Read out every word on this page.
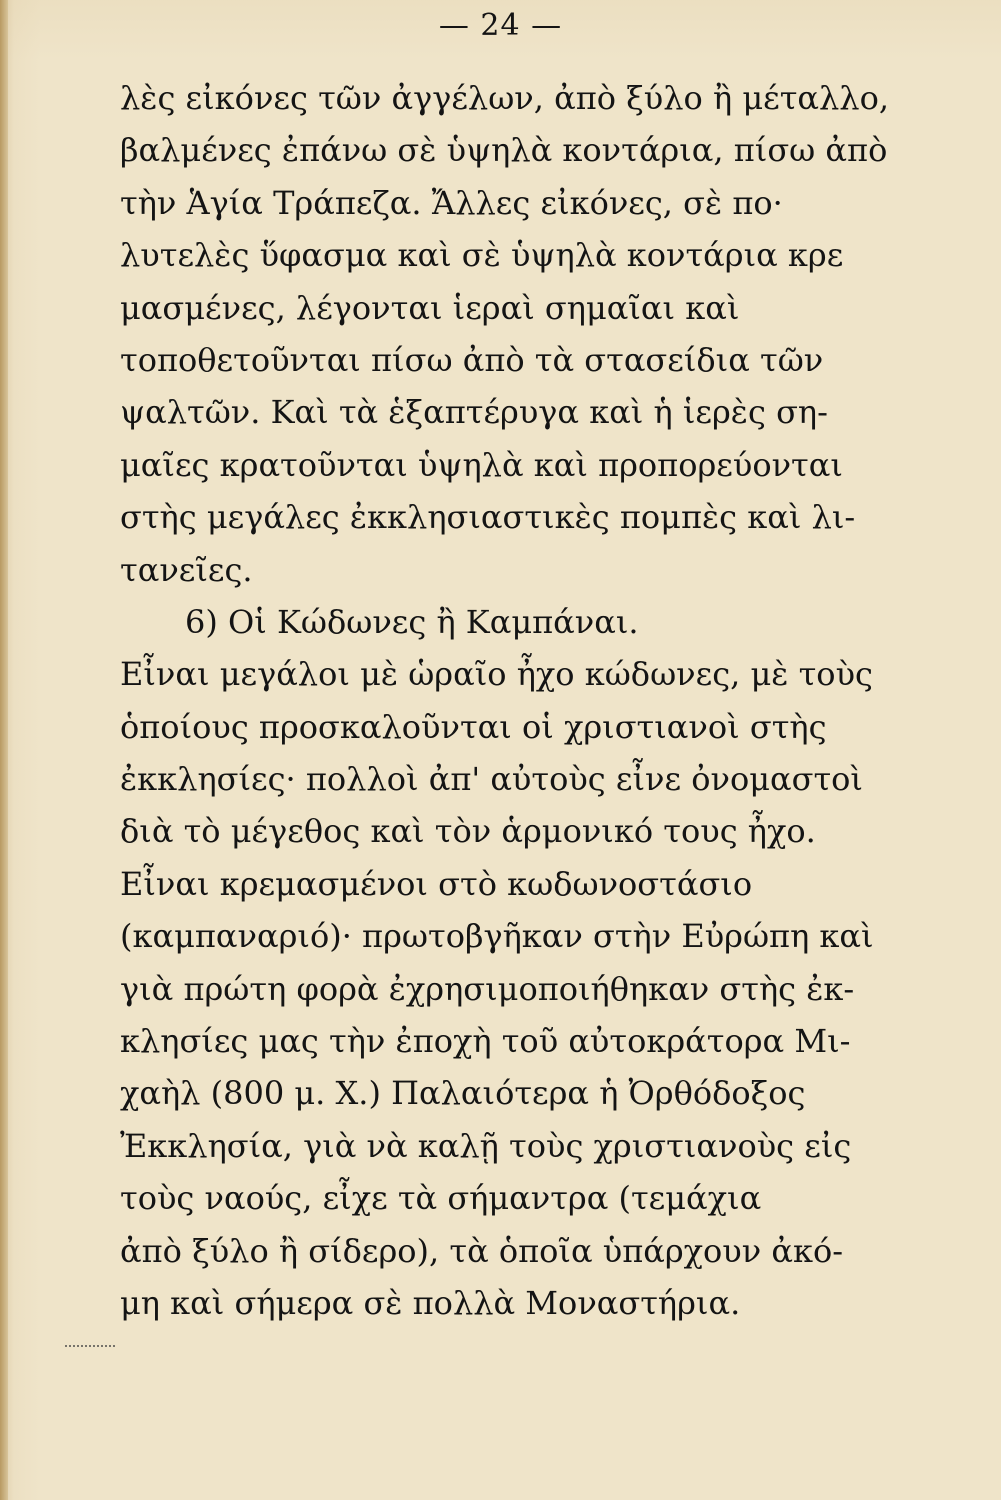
— 24 —
λὲς εἰκόνες τῶν ἀγγέλων, ἀπὸ ξύλο ἢ μέταλλο,
βαλμένες ἐπάνω σὲ ὑψηλὰ κοντάρια, πίσω ἀπὸ
τὴν Ἁγία Τράπεζα. Ἄλλες εἰκόνες, σὲ πο·
λυτελὲς ὕφασμα καὶ σὲ ὑψηλὰ κοντάρια κρε
μασμένες, λέγονται ἱεραὶ σημαῖαι καὶ
τοποθετοῦνται πίσω ἀπὸ τὰ στασείδια τῶν
ψαλτῶν. Καὶ τὰ ἑξαπτέρυγα καὶ ἡ ἱερὲς ση-
μαῖες κρατοῦνται ὑψηλὰ καὶ προπορεύονται
στὴς μεγάλες ἐκκλησιαστικὲς πομπὲς καὶ λι-
τανεῖες.
6) Οἱ Κώδωνες ἢ Καμπάναι.
Εἶναι μεγάλοι μὲ ὡραῖο ἦχο κώδωνες, μὲ τοὺς
ὁποίους προσκαλοῦνται οἱ χριστιανοὶ στὴς
ἐκκλησίες· πολλοὶ ἀπ' αὐτοὺς εἶνε ὀνομαστοὶ
διὰ τὸ μέγεθος καὶ τὸν ἁρμονικό τους ἦχο.
Εἶναι κρεμασμένοι στὸ κωδωνοστάσιο
(καμπαναριό)· πρωτοβγῆκαν στὴν Εὐρώπη καὶ
γιὰ πρώτη φορὰ ἐχρησιμοποιήθηκαν στὴς ἐκ-
κλησίες μας τὴν ἐποχὴ τοῦ αὐτοκράτορα Μι-
χαὴλ (800 μ. Χ.) Παλαιότερα ἡ Ὀρθόδοξος
Ἐκκλησία, γιὰ νὰ καλῇ τοὺς χριστιανοὺς εἰς
τοὺς ναούς, εἶχε τὰ σήμαντρα (τεμάχια
ἀπὸ ξύλο ἢ σίδερο), τὰ ὁποῖα ὑπάρχουν ἀκό-
μη καὶ σήμερα σὲ πολλὰ Μοναστήρια.
